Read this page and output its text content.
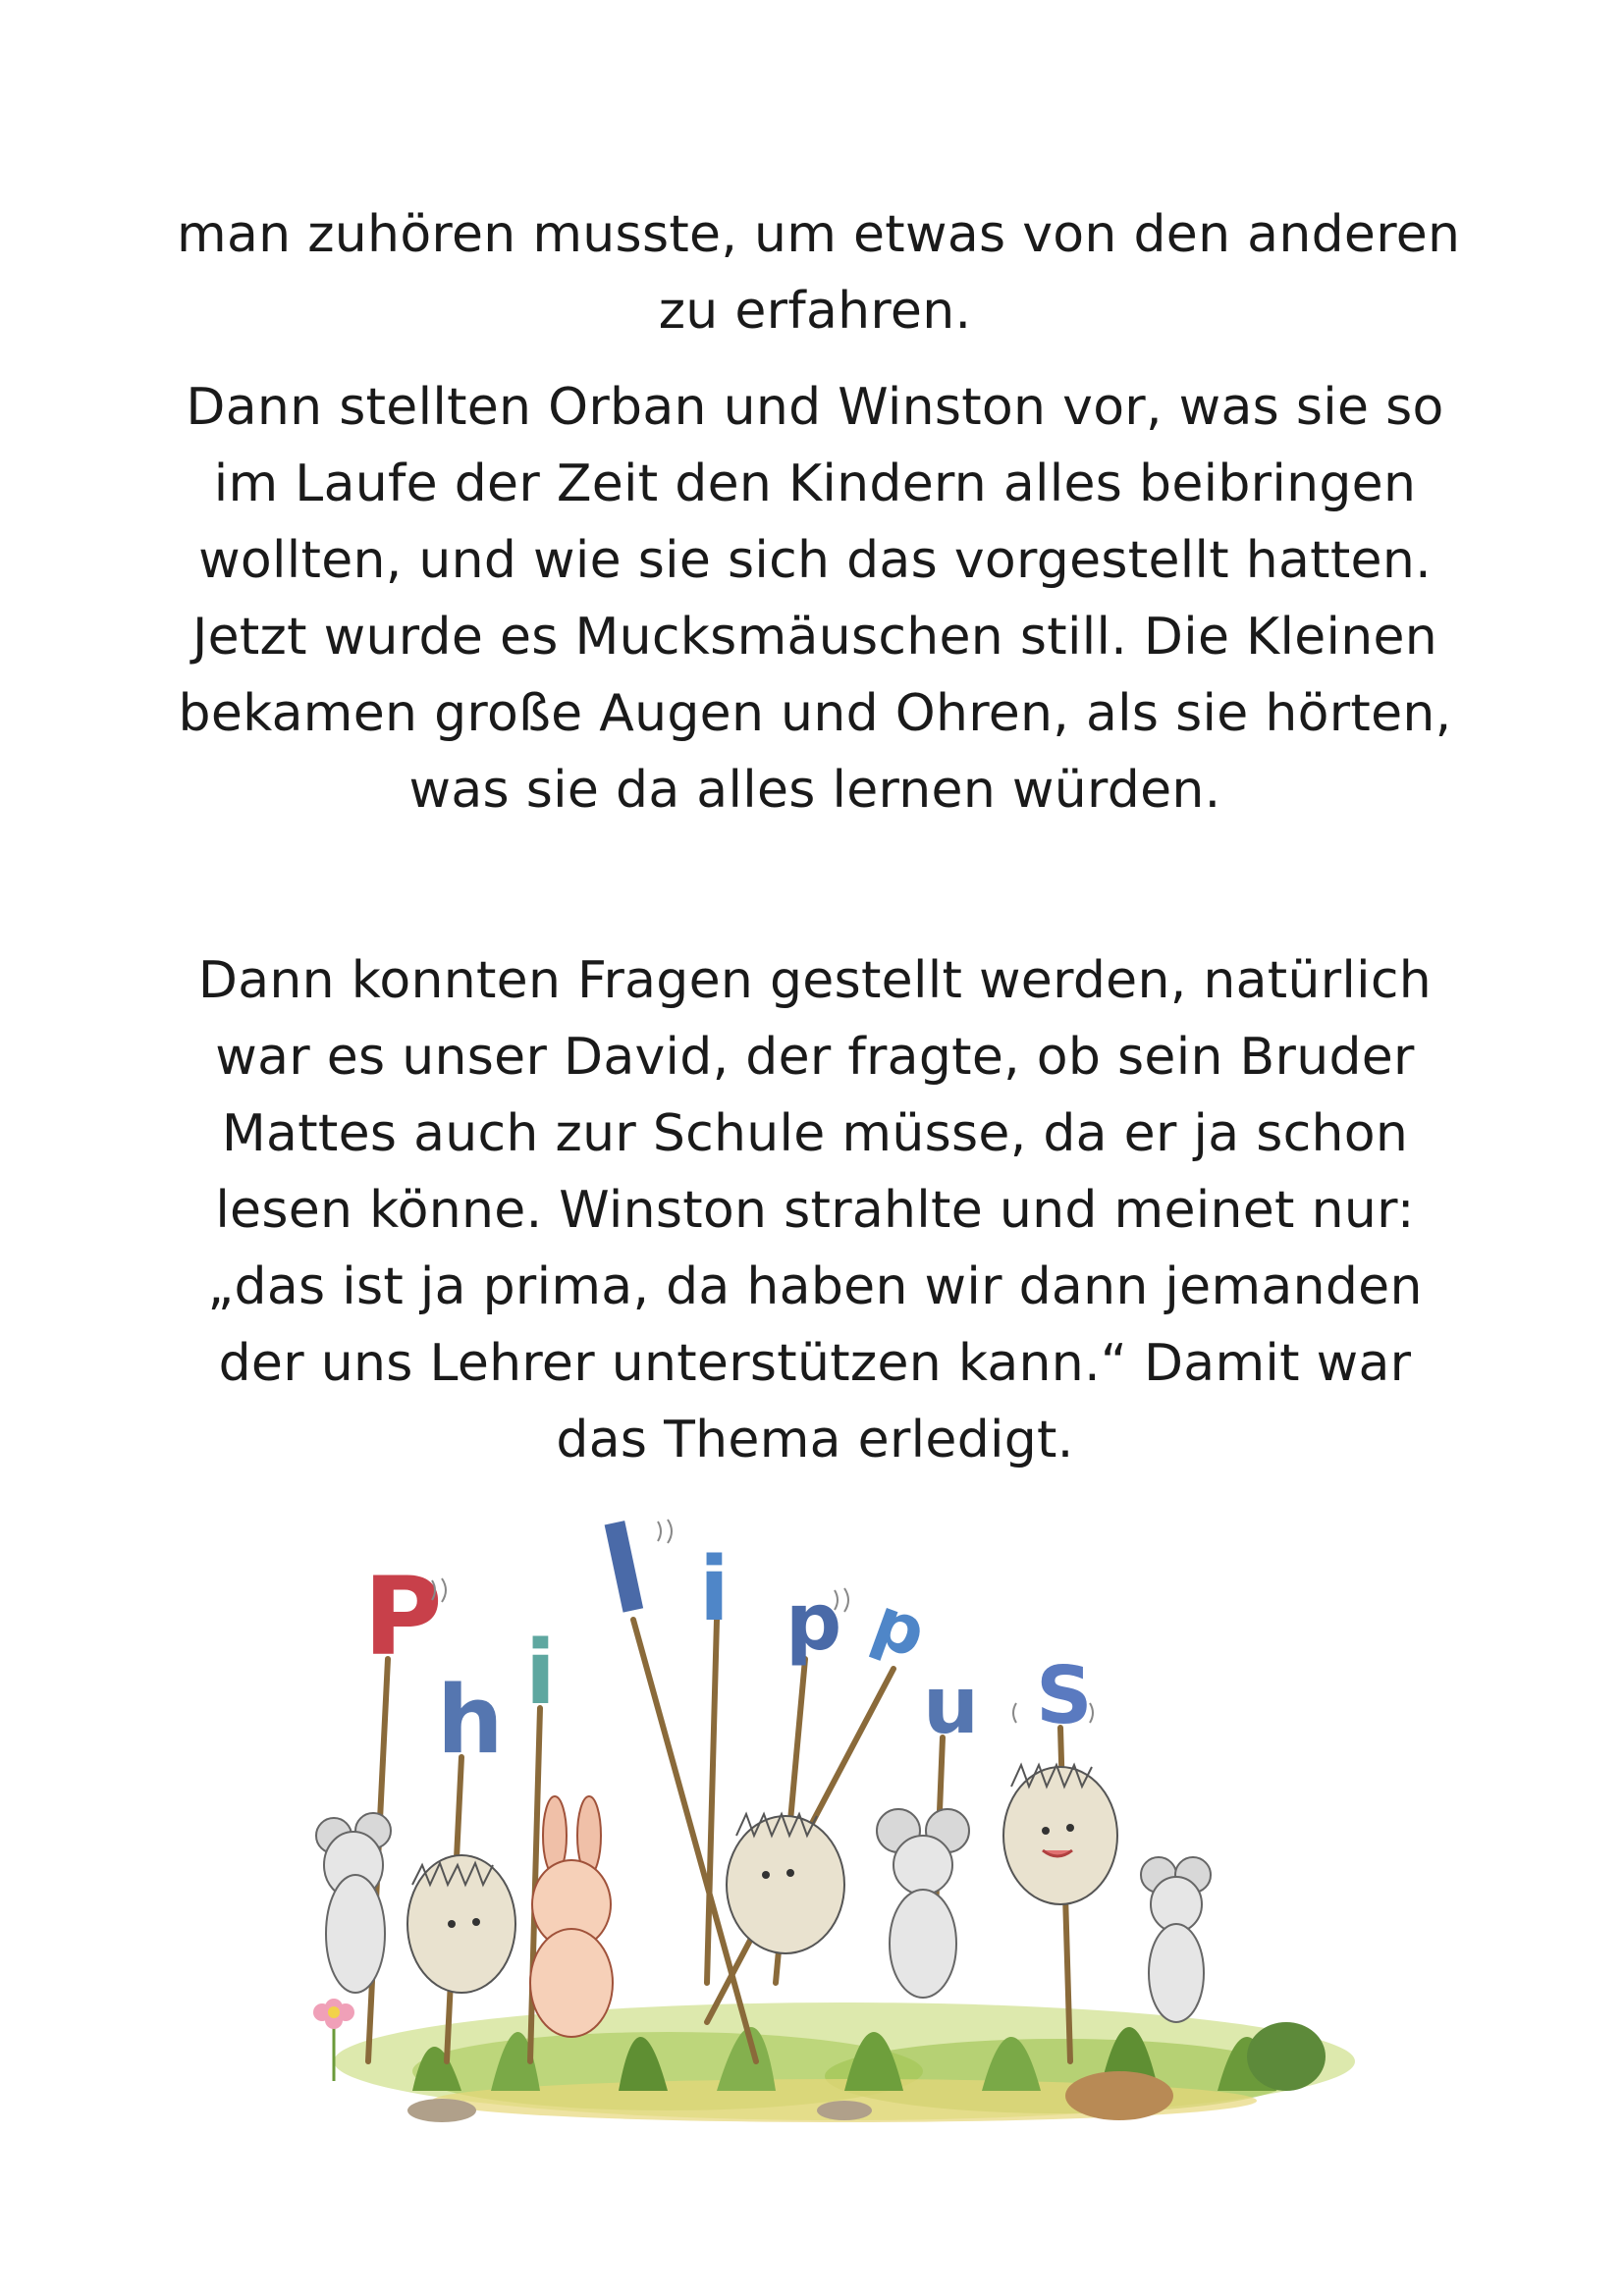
man zuhören musste, um etwas von den anderen
zu erfahren.
Dann stellten Orban und Winston vor, was sie so
im Laufe der Zeit den Kindern alles beibringen
wollten, und wie sie sich das vorgestellt hatten.
Jetzt wurde es Mucksmäuschen still. Die Kleinen
bekamen große Augen und Ohren, als sie hörten,
was sie da alles lernen würden.
Dann konnten Fragen gestellt werden, natürlich
war es unser David, der fragte, ob sein Bruder
Mattes auch zur Schule müsse, da er ja schon
lesen könne. Winston strahlte und meinet nur:
„das ist ja prima, da haben wir dann jemanden
der uns Lehrer unterstützen kann.“ Damit war
das Thema erledigt.
P
h i
l i p p
u S
